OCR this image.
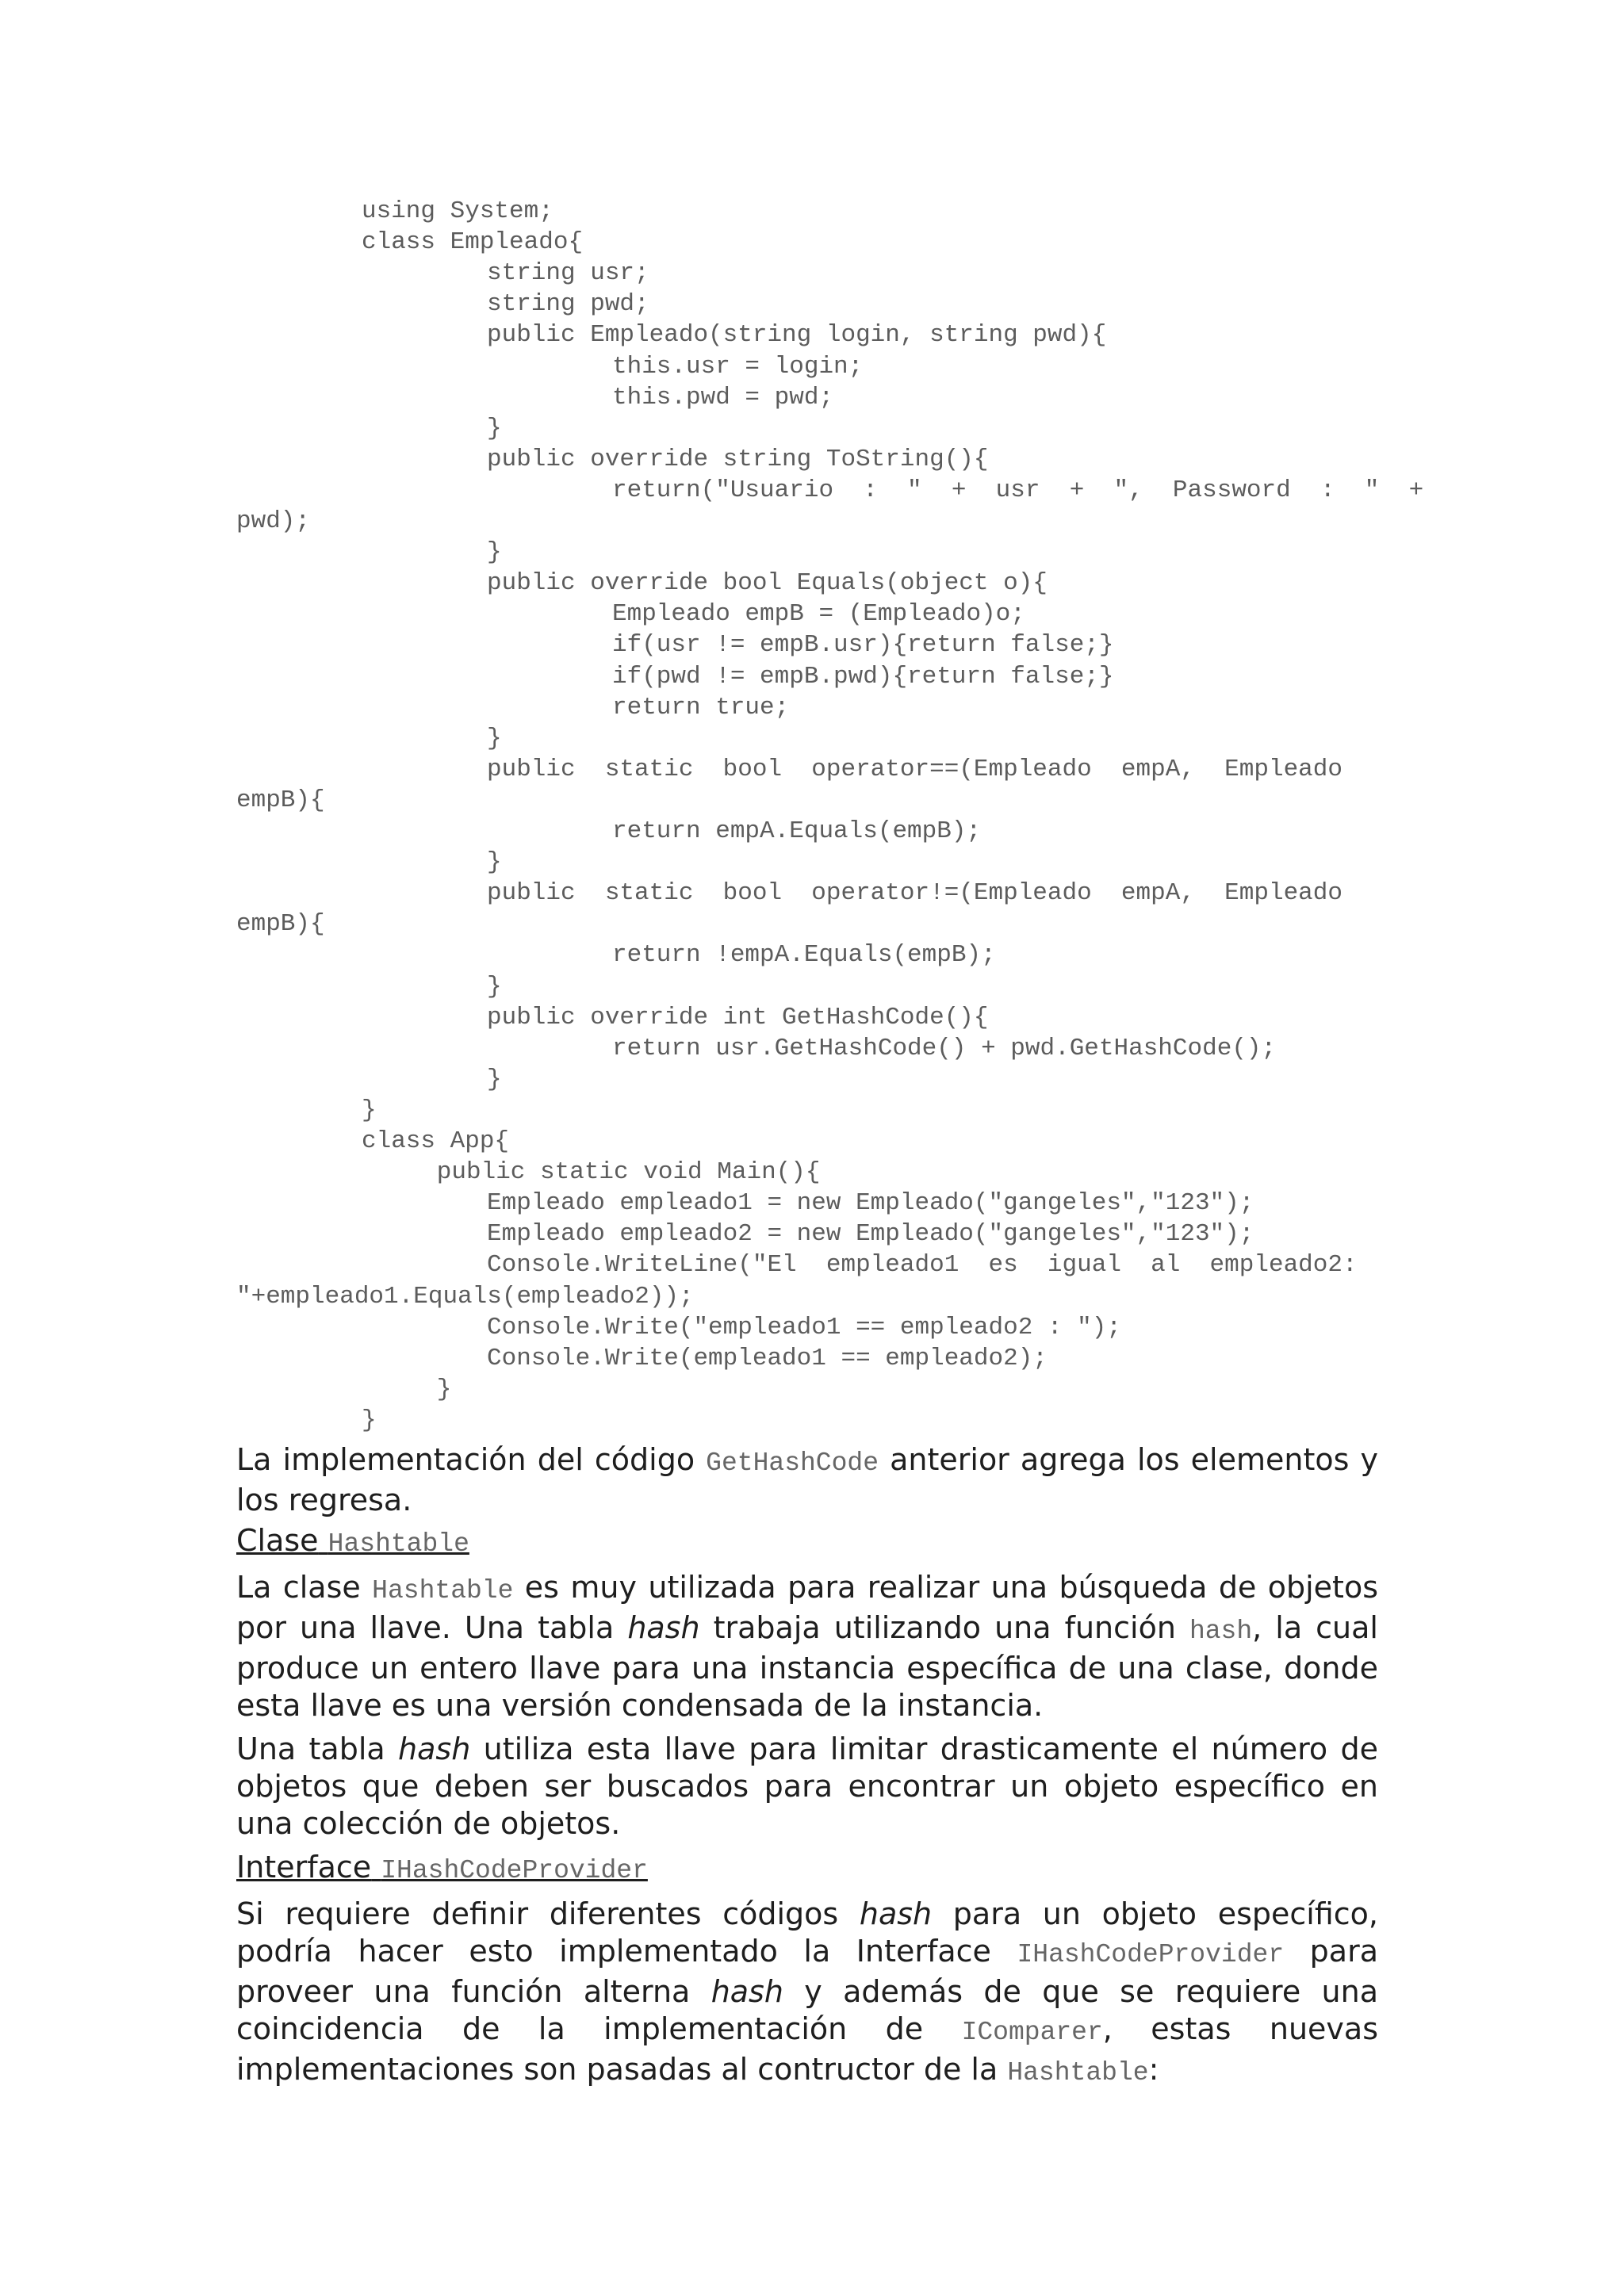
using System;
class Empleado{
string usr;
string pwd;
public Empleado(string login, string pwd){
this.usr = login;
this.pwd = pwd;
}
public override string ToString(){
return("Usuario  :  "  +  usr  +  ",  Password  :  "  +
pwd);
}
public override bool Equals(object o){
Empleado empB = (Empleado)o;
if(usr != empB.usr){return false;}
if(pwd != empB.pwd){return false;}
return true;
}
public  static  bool  operator==(Empleado  empA,  Empleado
empB){
return empA.Equals(empB);
}
public  static  bool  operator!=(Empleado  empA,  Empleado
empB){
return !empA.Equals(empB);
}
public override int GetHashCode(){
return usr.GetHashCode() + pwd.GetHashCode();
}
}
class App{
public static void Main(){
Empleado empleado1 = new Empleado("gangeles","123");
Empleado empleado2 = new Empleado("gangeles","123");
Console.WriteLine("El  empleado1  es  igual  al  empleado2:
"+empleado1.Equals(empleado2));
Console.Write("empleado1 == empleado2 : ");
Console.Write(empleado1 == empleado2);
}
}

La implementación del código GetHashCode anterior agrega los elementos y los regresa.

Clase Hashtable

La clase Hashtable es muy utilizada para realizar una búsqueda de objetos por una llave. Una tabla hash trabaja utilizando una función hash, la cual produce un entero llave para una instancia específica de una clase, donde esta llave es una versión condensada de la instancia.

Una tabla hash utiliza esta llave para limitar drasticamente el número de objetos que deben ser buscados para encontrar un objeto específico en una colección de objetos.

Interface IHashCodeProvider

Si requiere definir diferentes códigos hash para un objeto específico, podría hacer esto implementado la Interface IHashCodeProvider para proveer una función alterna hash y además de que se requiere una coincidencia de la implementación de IComparer, estas nuevas implementaciones son pasadas al contructor de la Hashtable:
